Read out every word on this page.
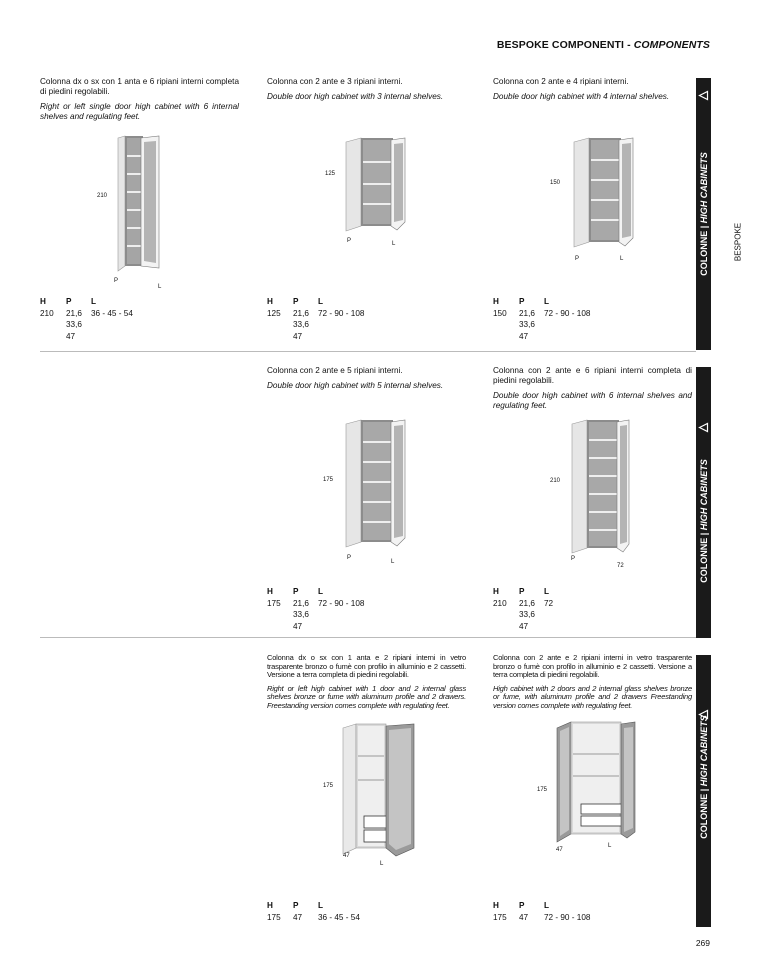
BESPOKE COMPONENTI - COMPONENTS
COLONNE | HIGH CABINETS
COLONNE | HIGH CABINETS
COLONNE | HIGH CABINETS
BESPOKE
Colonna dx o sx con 1 anta e 6 ripiani interni completa di piedini regolabili.
Right or left single door high cabinet with 6 internal shelves and regulating feet.
210
P
L
H P L
210 21,6 36 - 45 - 54
33,6
47
Colonna con 2 ante e 3 ripiani interni.
Double door high cabinet with 3 internal shelves.
125
P	L
H P L
125 21,6 72 - 90 - 108
33,6
47
Colonna con 2 ante e 4 ripiani interni.
Double door high cabinet with 4 internal shelves.
150
P	L
H P L
150 21,6 72 - 90 - 108
33,6
47
Colonna con 2 ante e 5 ripiani interni.
Double door high cabinet with 5 internal shelves.
175
P
L
H P L
175 21,6 72 - 90 - 108
33,6
47
Colonna con 2 ante e 6 ripiani interni completa di piedini regolabili.
Double door high cabinet with 6 internal shelves and regulating feet.
210
P
72
H P L
210 21,6 72
33,6
47
Colonna dx o sx con 1 anta e 2 ripiani interni in vetro trasparente bronzo o fumè con profilo in alluminio e 2 cassetti. Versione a terra completa di piedini regolabili.
Right or left high cabinet with 1 door and 2 internal glass shelves bronze or fume with aluminum profile and 2 drawers. Freestanding version comes complete with regulating feet.
175
47
L
H P L
175 47 36 - 45 - 54
Colonna con 2 ante e 2 ripiani interni in vetro trasparente bronzo o fumè con profilo in alluminio e 2 cassetti. Versione a terra completa di piedini regolabili.
High cabinet with 2 doors and 2 internal glass shelves bronze or fume, with aluminum profile and 2 drawers Freestanding version comes complete with regulating feet.
175
47
L
H P L
175 47 72 - 90 - 108
269
